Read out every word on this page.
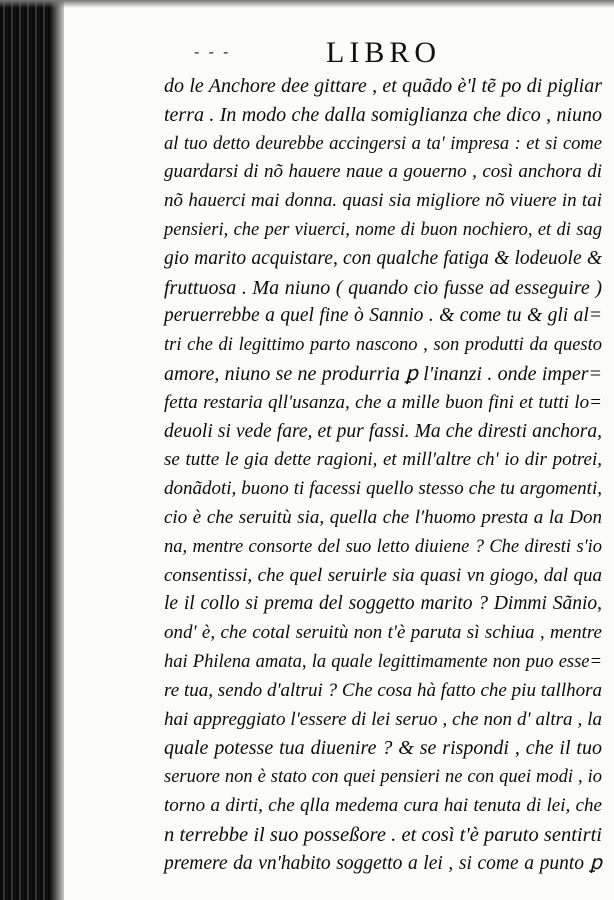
- - -	LIBRO
do le Anchore dee gittare , et quãdo è'l tẽ po di pigliar
terra . In modo che dalla somiglianza che dico , niuno
al tuo detto deurebbe accingersi a ta' impresa : et si come
guardarsi di nõ hauere naue a gouerno , così anchora di
nõ hauerci mai donna. quasi sia migliore nõ viuere in tai
pensieri, che per viuerci, nome di buon nochiero, et di sag
gio marito acquistare, con qualche fatiga & lodeuole &
fruttuosa . Ma niuno ( quando cio fusse ad esseguire )
peruerrebbe a quel fine ò Sannio . & come tu & gli al=
tri che di legittimo parto nascono , son produtti da questo
amore, niuno se ne produrria ꝑ l'inanzi . onde imper=
fetta restaria qll'usanza, che a mille buon fini et tutti lo=
deuoli si vede fare, et pur fassi. Ma che diresti anchora,
se tutte le gia dette ragioni, et mill'altre ch' io dir potrei,
donãdoti, buono ti facessi quello stesso che tu argomenti,
cio è che seruitù sia, quella che l'huomo presta a la Don
na, mentre consorte del suo letto diuiene ? Che diresti s'io
consentissi, che quel seruirle sia quasi vn giogo, dal qua
le il collo si prema del soggetto marito ? Dimmi Sãnio,
ond' è, che cotal seruitù non t'è paruta sì schiua , mentre
hai Philena amata, la quale legittimamente non puo esse=
re tua, sendo d'altrui ? Che cosa hà fatto che piu tallhora
hai appreggiato l'essere di lei seruo , che non d' altra , la
quale potesse tua diuenire ? & se rispondi , che il tuo
seruore non è stato con quei pensieri ne con quei modi , io
torno a dirti, che qlla medema cura hai tenuta di lei, che
n terrebbe il suo posseßore . et così t'è paruto sentirti
premere da vn'habito soggetto a lei , si come a punto ꝑ
